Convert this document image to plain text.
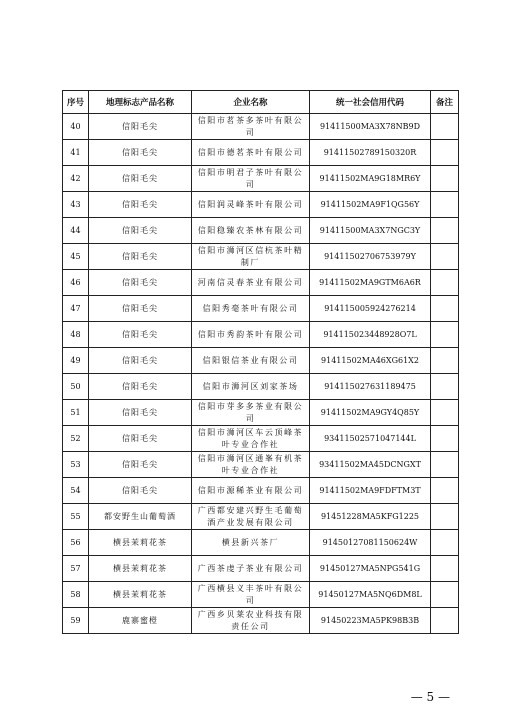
序号	地理标志产品名称	企业名称	统一社会信用代码	备注
40	信阳毛尖	信阳市茗茶多茶叶有限公司	91411500MA3X78NB9D	
41	信阳毛尖	信阳市德茗茶叶有限公司	91411502789150320R	
42	信阳毛尖	信阳市明君子茶叶有限公司	91411502MA9G18MR6Y	
43	信阳毛尖	信阳润灵峰茶叶有限公司	91411502MA9F1QG56Y	
44	信阳毛尖	信阳稳臻农茶林有限公司	91411500MA3X7NGC3Y	
45	信阳毛尖	信阳市浉河区信杭茶叶精制厂	91411502706753979Y	
46	信阳毛尖	河南信灵春茶业有限公司	91411502MA9GTM6A6R	
47	信阳毛尖	信阳秀毫茶叶有限公司	914115005924276214	
48	信阳毛尖	信阳市秀韵茶叶有限公司	914115023448928O7L	
49	信阳毛尖	信阳银信茶业有限公司	91411502MA46XG61X2	
50	信阳毛尖	信阳市浉河区刘家茶场	91411502763118947​5	
51	信阳毛尖	信阳市芽多多茶业有限公司	91411502MA9GY4Q85Y	
52	信阳毛尖	信阳市浉河区车云顶峰茶叶专业合作社	93411502571047144L	
53	信阳毛尖	信阳市浉河区通峯有机茶叶专业合作社	93411502MA45DCNGXT	
54	信阳毛尖	信阳市源稀茶业有限公司	91411502MA9FDFTM3T	
55	都安野生山葡萄酒	广西都安建兴野生毛葡萄酒产业发展有限公司	91451228MA5KFG1225	
56	横县茉莉花茶	横县新兴茶厂	91450127081150624W	
57	横县茉莉花茶	广西茶虔子茶业有限公司	91450127MA5NPG541G	
58	横县茉莉花茶	广西横县义丰茶叶有限公司	91450127MA5NQ6DM8L	
59	鹿寨蜜橙	广西乡贝莱农业科技有限责任公司	91450223MA5PK98B3B	
— 5 —
